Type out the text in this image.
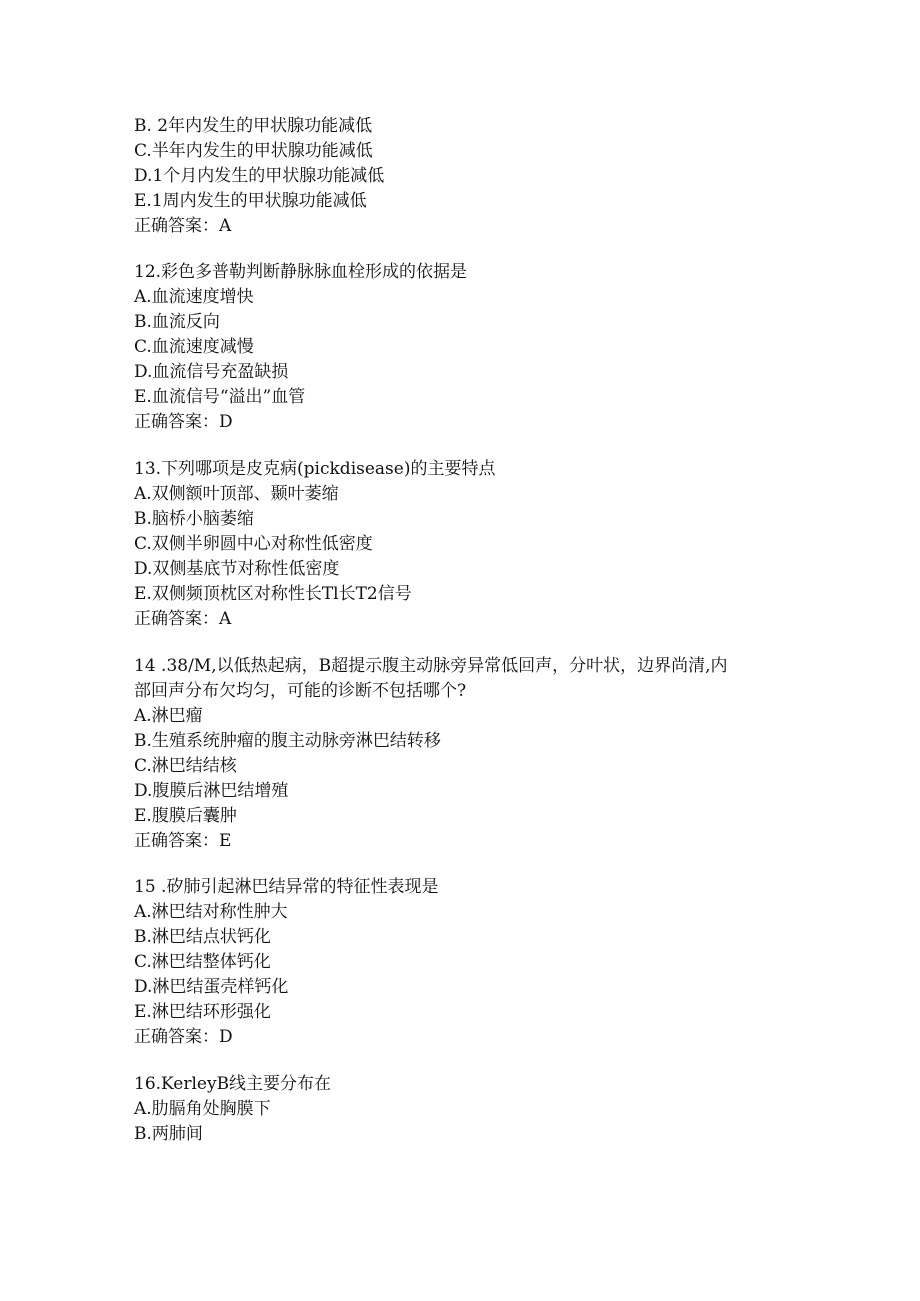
B. 2年内发生的甲状腺功能减低
C.半年内发生的甲状腺功能减低
D.1个月内发生的甲状腺功能减低
E.1周内发生的甲状腺功能减低
正确答案：A
12.彩色多普勒判断静脉脉血栓形成的依据是
A.血流速度增快
B.血流反向
C.血流速度减慢
D.血流信号充盈缺损
E.血流信号“溢出”血管
正确答案：D
13.下列哪项是皮克病(pickdisease)的主要特点
A.双侧额叶顶部、颞叶萎缩
B.脑桥小脑萎缩
C.双侧半卵圆中心对称性低密度
D.双侧基底节对称性低密度
E.双侧频顶枕区对称性长Tl长T2信号
正确答案：A
14 .38/M,以低热起病，B超提示腹主动脉旁异常低回声，分叶状，边界尚清,内
部回声分布欠均匀，可能的诊断不包括哪个?
A.淋巴瘤
B.生殖系统肿瘤的腹主动脉旁淋巴结转移
C.淋巴结结核
D.腹膜后淋巴结增殖
E.腹膜后囊肿
正确答案：E
15 .矽肺引起淋巴结异常的特征性表现是
A.淋巴结对称性肿大
B.淋巴结点状钙化
C.淋巴结整体钙化
D.淋巴结蛋壳样钙化
E.淋巴结环形强化
正确答案：D
16.KerleyB线主要分布在
A.肋膈角处胸膜下
B.两肺间
